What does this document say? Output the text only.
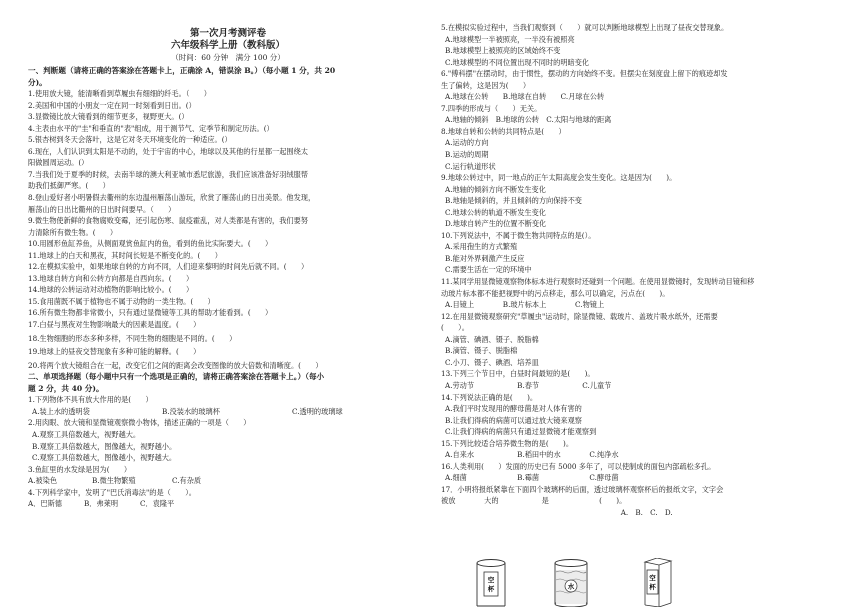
第一次月考测评卷
六年级科学上册（教科版）
（时间：60 分钟　满分 100 分）
一、判断题（请将正确的答案涂在答题卡上，正确涂 A，错误涂 B。）（每小题 1 分，共 20
分)。
1.使用放大镜，能清晰看到草履虫有细细的纤毛。（　　）
2.美国和中国的小朋友一定在同一时刻看到日出。(）
3.显微镜比放大镜看到的细节更多，视野更大。(）
4.主表由水平的"圭"和垂直的"表"组成，用于测节气、定季节和制定历法。(）
5.银杏树到冬天会落叶，这是它对冬天环境变化的一种适应。(）
6.现在，人们认识到太阳是不动的，处于宇宙的中心，地球以及其他的行星都一起围绕太
阳做圆周运动。(）
7.当我们处于夏季的时候，去南半球的澳大利亚城市悉尼旅游，我们应该准备好羽绒服帮
助我们抵御严寒。(　　）
8.登山爱好者小明暑假去衢州的东边温州雁荡山游玩，欣赏了雁荡山的日出美景。他发现，
雁荡山的日出比衢州的日出时间要早。（　　）
9.微生物使新鲜的食物腐败变霉，还引起伤寒、鼠疫霍乱，对人类都是有害的，我们要努
力清除所有微生物。(　　）
10.用圆形鱼缸养鱼，从侧面观赏鱼缸内的鱼，看到的鱼比实际要大。(　　）
11.地球上的白天和黑夜，其时间长短是不断变化的。(　　）
12.在模拟实验中，如果地球自转的方向不同，人们迎来黎明的时间先后就不同。(　　）
13.地球自转方向和公转方向都是自西向东。(　　）
14.地球的公转运动对动植物的影响比较小。(　　）
15.食用菌既不属于植物也不属于动物的一类生物。(　　）
16.所有微生物都非常微小，只有通过显微镜等工具的帮助才能看到。(　　）
17.白昼与黑夜对生物影响最大的因素是温度。(　　）
18.生物细胞的形态多种多样，不同生物的细胞是不同的。(　　）
19.地球上的昼夜交替现象有多种可能的解释。(　　）
20.将两个放大镜组合在一起，改变它们之间的距离会改变图像的放大倍数和清晰度。(　　）
二、单项选择题（每小题中只有一个选项是正确的，请将正确答案涂在答题卡上。）（每小
题 2 分，共 40 分)。
1.下列物体不具有放大作用的是(　　）
A.装上水的透明袋	B.没装水的玻璃杯	C.透明的玻璃球
2.用肉眼、放大镜和显微镜观察微小物体，描述正确的一项是（　　）
A.观察工具倍数越大，视野越大。
B.观察工具倍数越大，图像越大，视野越小。
C.观察工具倍数越大，图像越小，视野越大。
3.鱼缸里的水发绿是因为(　　）
A.被染色	B.微生物繁殖	C.有杂质
4.下列科学家中，发明了"巴氏消毒法"的是（　　）。
A．巴斯德	B．弗莱明	C．袁隆平
5.在模拟实验过程中，当我们观察到（　　）就可以判断地球模型上出现了昼夜交替现象。
A.地球模型一半被照亮，一半没有被照亮
B.地球模型上被照亮的区域始终不变
C.地球模型的不同位置出现不同时的明暗变化
6."傅科摆"在摆动时，由于惯性，摆动的方向始终不变。但摆尖在刻度盘上留下的痕迹却发
生了偏转，这是因为(　　）
A.地球在公转　　B.地球在自转　　C.月球在公转
7.四季的形成与（　　）无关。
A.地轴的倾斜　B.地球的公转　C.太阳与地球的距离
8.地球自转和公转的共同特点是(　　）
A.运动的方向
B.运动的周期
C.运行轨道形状
9.地球公转过中，同一地点的正午太阳高度会发生变化。这是因为(　　)。
A.地轴的倾斜方向不断发生变化
B.地轴是倾斜的，并且倾斜的方向保持不变
C.地球公转的轨道不断发生变化
D.地球自转产生的位置不断变化
10.下列说法中，不属于微生物共同特点的是(）。
A.采用孢生的方式繁殖
B.能对外界刺激产生反应
C.需要生活在一定的环境中
11.某同学用显微镜观察物体标本进行观察时还碰到一个问题。在使用显微镜时，发现转动目镜和移
动玻片标本都不能把视野中的污点移走，那么可以确定，污点在(　　)。
A.目镜上　　　　B.玻片标本上　　　　C.物镜上
12.在用显微镜观察研究"草履虫"运动时，除显微镜、载玻片、盖玻片吸水纸外，还需要
(　　）。
A.滴管、碘酒、镊子、脱脂棉
B.滴管、镊子、脱脂棉
C.小刀、镊子、碘酒、培养皿
13.下列三个节日中，白昼时间最短的是(　　)。
A.劳动节　　　　　　B.春节　　　　　　C.儿童节
14.下列说法正确的是(　　)。
A.我们平时发现用的酵母菌是对人体有害的
B.让我们得病的病菌可以通过放大镜来观察
C.让我们得病的病菌只有通过显微镜才能观察到
15.下列比较适合培养微生物的是(　　)。
A.自来水　　　　　　B.稻田中的水　　　　C.纯净水
16.人类利用(　　）发面的历史已有 5000 多年了，可以使制成的面包内部疏松多孔。
A.细菌　　　　　　　B.霉菌　　　　　　　C.酵母菌
17．小明将报纸紧靠在下面四个玻璃杯的后面，透过玻璃杯观察杯后的报纸文字，文字会
被放　　　　大的　　　　　　是　　　　　　　(　　)。
　　　　　　　　　　　　　　　　　　　　　　　　　A.　B.　C.　D.
空
杯	水
空
杯
